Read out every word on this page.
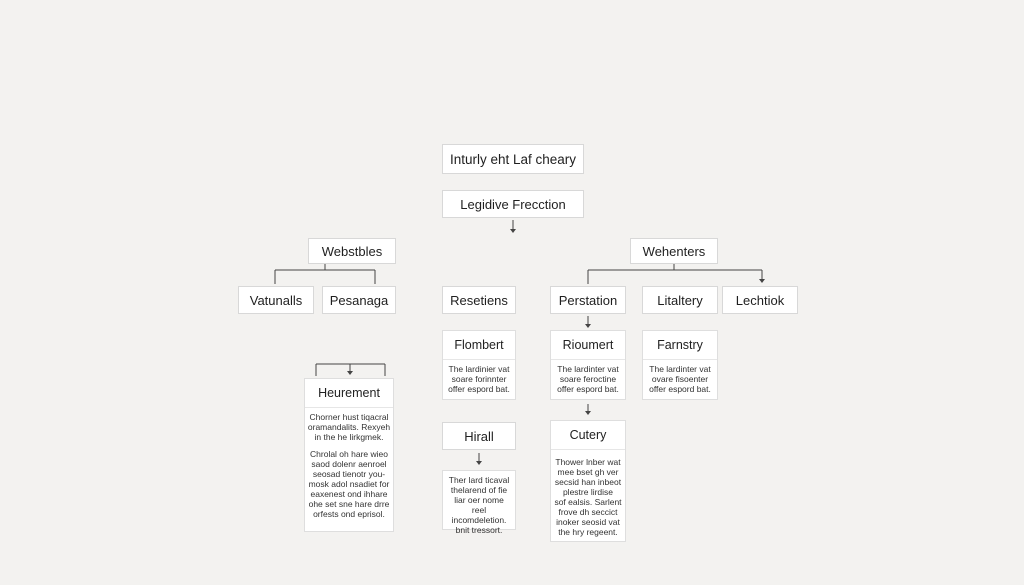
Inturly eht Laf cheary
Legidive Frecction
Webstbles
Vatunalls	Pesanaga
Heurement
Chorner hust tiqacral
oramandalits. Rexyeh
in the he lirkgmek.
Chrolal oh hare wieo
saod dolenr aenroel
seosad tienotr you-
mosk adol nsadiet for
eaxenest ond ihhare
ohe set sne hare drre
orfests ond eprisol.
Resetiens
Flombert
The lardinier vat
soare forinnter
offer espord bat.
Hirall
Ther lard ticaval
thelarend of fie
liar oer nome reel
incomdeletion.
bnit tressort.
Wehenters
Perstation	Litaltery	Lechtiok
Rioumert
The lardinter vat
soare feroctine
offer espord bat.
Cutery
Thower lnber wat
mee bset gh ver
secsid han inbeot
plestre lirdise
sof ealsis. Sarlent
frove dh seccict
inoker seosid vat
the hry regeent.
Farnstry
The lardinter vat
ovare fisoenter
offer espord bat.
